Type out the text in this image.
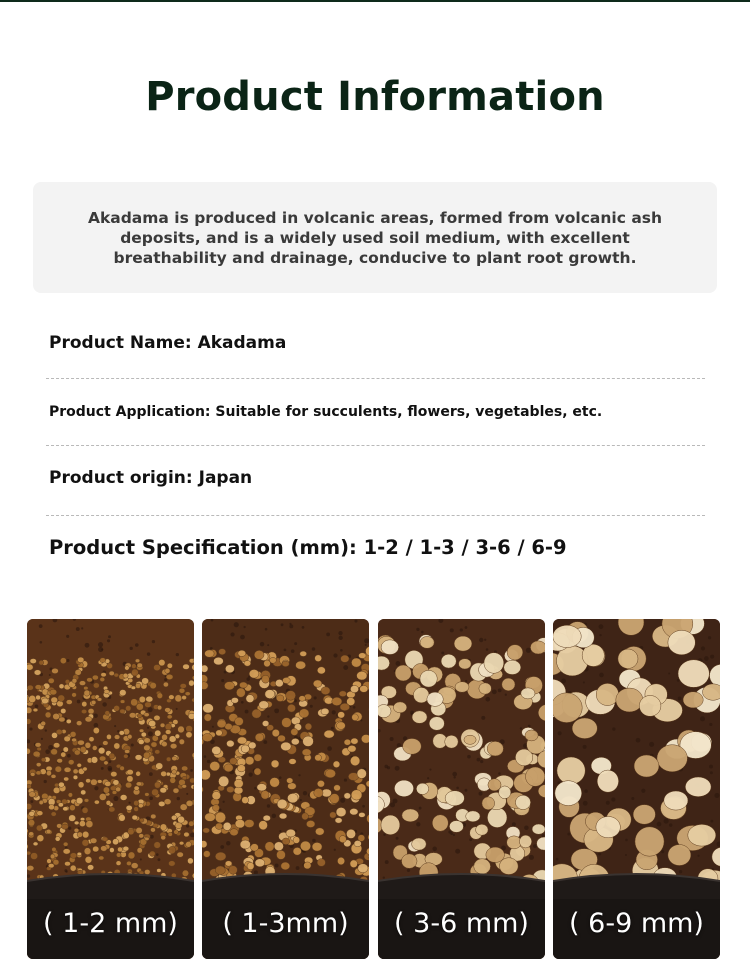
Product Information

Akadama is produced in volcanic areas, formed from volcanic ash deposits, and is a widely used soil medium, with excellent breathability and drainage, conducive to plant root growth.

Product Name: Akadama
Product Application: Suitable for succulents, flowers, vegetables, etc.
Product origin: Japan
Product Specification (mm): 1-2 / 1-3 / 3-6 / 6-9
( 1-2 mm)	( 1-3mm)	( 3-6 mm)	( 6-9 mm)
